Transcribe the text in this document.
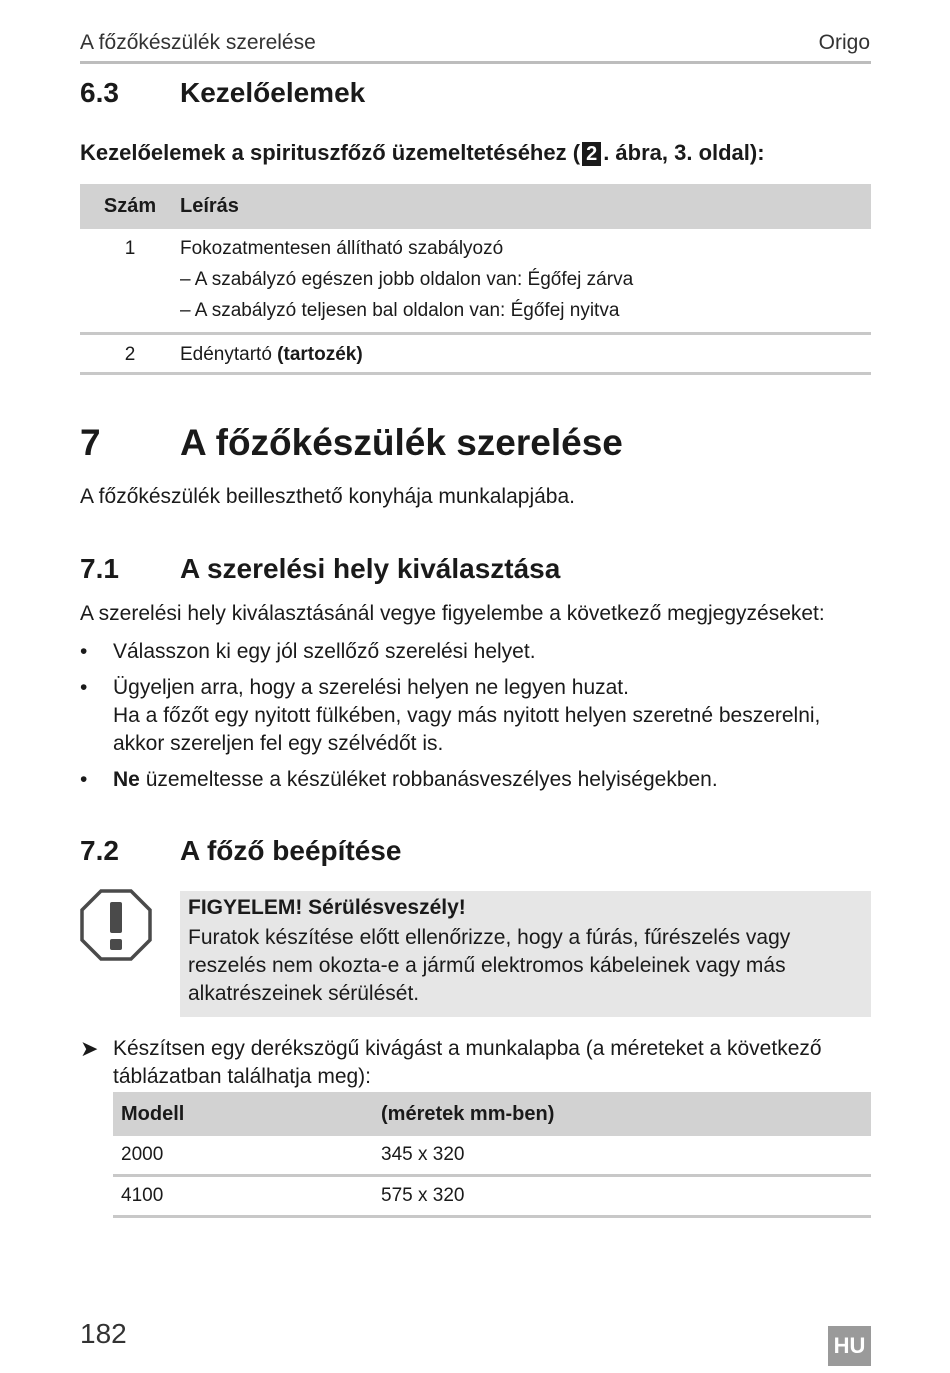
A főzőkészülék szerelése	Origo
6.3 Kezelőelemek
Kezelőelemek a spirituszfőző üzemeltetéséhez ( 2 . ábra, 3. oldal):
Szám	Leírás
1	Fokozatmentesen állítható szabályozó
– A szabályzó egészen jobb oldalon van: Égőfej zárva
– A szabályzó teljesen bal oldalon van: Égőfej nyitva
2	Edénytartó (tartozék)
7 A főzőkészülék szerelése
A főzőkészülék beilleszthető konyhája munkalapjába.
7.1 A szerelési hely kiválasztása
A szerelési hely kiválasztásánál vegye figyelembe a következő megjegyzéseket:
• Válasszon ki egy jól szellőző szerelési helyet.
• Ügyeljen arra, hogy a szerelési helyen ne legyen huzat.
Ha a főzőt egy nyitott fülkében, vagy más nyitott helyen szeretné beszerelni,
akkor szereljen fel egy szélvédőt is.
• Ne üzemeltesse a készüléket robbanásveszélyes helyiségekben.
7.2 A főző beépítése
FIGYELEM! Sérülésveszély!
Furatok készítése előtt ellenőrizze, hogy a fúrás, fűrészelés vagy reszelés nem okozta-e a jármű elektromos kábeleinek vagy más alkatrészeinek sérülését.
➤ Készítsen egy derékszögű kivágást a munkalapba (a méreteket a következő táblázatban találhatja meg):
Modell	(méretek mm-ben)
2000	345 x 320
4100	575 x 320
182	HU
